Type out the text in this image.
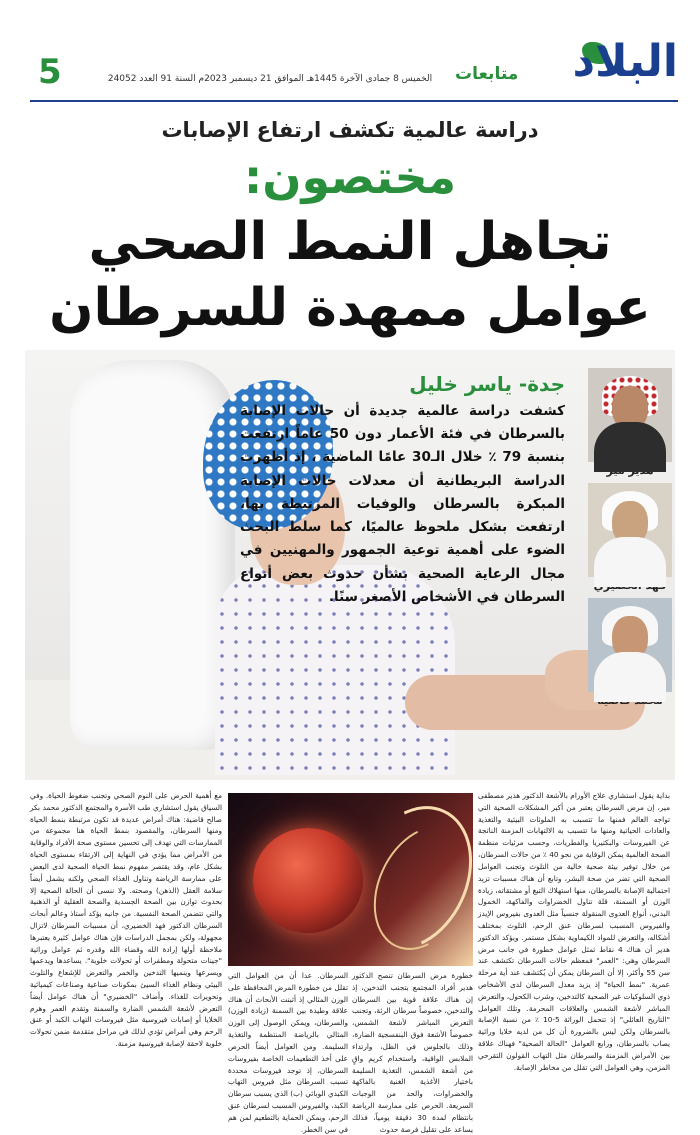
5	الخميس 8 جمادى الآخرة 1445هـ الموافق 21 ديسمبر 2023م السنة 91 العدد 24052	متابعات البلاد
دراسة عالمية تكشف ارتفاع الإصابات
مختصون:
تجاهل النمط الصحي
عوامل ممهدة للسرطان
جدة- ياسر خليل
كشفت دراسة عالمية جديدة أن حالات الإصابة بالسرطان في فئة الأعمار دون 50 عاماً ارتفعت بنسبة 79 ٪ خلال الـ30 عامًا الماضية ، إذ أظهرت الدراسة البريطانية أن معدلات حالات الإصابة المبكرة بالسرطان والوفيات المرتبطة بها، ارتفعت بشكل ملحوظ عالميًا، كما سلط البحث الضوء على أهمية توعية الجمهور والمهنيين في مجال الرعاية الصحية بشأن حدوث بعض أنواع السرطان في الأشخاص الأصغر سنًا.
بداية يقول استشاري علاج الأورام بالأشعة الدكتور هدير مصطفى مير، إن مرض السرطان يعتبر من أكبر المشكلات الصحية التي تواجه العالم فمنها ما تتسبب به الملوثات البيئية والتغذية والعادات الحياتية ومنها ما تتسبب به الالتهابات المزمنة الناتجة عن الفيروسات والبكتيريا والفطريات، وحسب مرئيات منظمة الصحة العالمية يمكن الوقاية من نحو 40 ٪ من حالات السرطان، من خلال توفير بيئة صحية خالية من التلوث وتجنب العوامل الصحية التي تضر من صحة البشر، وتابع أن هناك مسببات تزيد احتمالية الإصابة بالسرطان، منها استهلاك التبغ أو مشتقاته، زيادة الوزن أو السمنة، قلة تناول الخضراوات والفاكهة، الخمول البدني، أنواع العدوى المنقولة جنسياً مثل العدوى بفيروس الإيدز والفيروس المسبب لسرطان عنق الرحم، التلوث بمختلف أشكاله، والتعرض للمواد الكيماوية بشكل مستمر. ويؤكد الدكتور هدير أن هناك 4 نقاط تمثل عوامل خطورة في جانب مرض السرطان وهي: "العمر" فمعظم حالات السرطان تكتشف عند سن 55 وأكثر، إلا أن السرطان يمكن أن يُكتشف عند أية مرحلة عمرية. "نمط الحياة" إذ يزيد معدل السرطان لدى الأشخاص ذوي السلوكيات غير الصحية كالتدخين، وشرب الكحول، والتعرض المباشر لأشعة الشمس والعلاقات المحرمة. وتلك العوامل "التاريخ العائلي" إذ تتحمل الوراثة 5-10 ٪ من نسبة الإصابة بالسرطان ولكن ليس بالضرورة أن كل من لديه خلايا وراثية يصاب بالسرطان، ورابع العوامل "الحالة الصحية" فهناك علاقة بين الأمراض المزمنة والسرطان مثل التهاب القولون التقرحي المزمن، وهي العوامل التي تقلل من مخاطر الإصابة.
خطورة مرض السرطان تنصح الدكتور هدير أفراد المجتمع بتجنب التدخين، إذ إن هناك علاقة قوية بين السرطان والتدخين، خصوصاً سرطان الرئة، وتجنب التعرض المباشر لأشعة الشمس، خصوصاً الأشعة فوق البنفسجية الضارة، وذلك بالجلوس في الظل، وارتداء الملابس الواقية، واستخدام كريم واقٍ من أشعة الشمس، التغذية السليمة باختيار الأغذية الغنية بالفاكهة والخضراوات، والحد من الوجبات السريعة. الحرص على ممارسة الرياضة بانتظام لمدة 30 دقيقة يومياً، فذلك يساعد على تقليل فرصة حدوث
السرطان. عدا أن من العوامل التي تقلل من خطورة المرض المحافظة على الوزن المثالي إذ أثبتت الأبحاث أن هناك علاقة وطيدة بين السمنة (زيادة الوزن) والسرطان، ويمكن الوصول إلى الوزن المثالي بالرياضة المنتظمة والتغذية السليمة. ومن العوامل أيضاً الحرص على أخذ التطعيمات الخاصة بفيروسات السرطان، إذ توجد فيروسات محددة تسبب السرطان مثل فيروس التهاب الكبدي الوبائي (ب) الذي يسبب سرطان الكبد، والفيروس المسبب لسرطان عنق الرحم، ويمكن الحماية بالتطعيم لمن هم في سن الخطر.
مع أهمية الحرص على النوم الصحي وتجنب ضغوط الحياة. وفي السياق يقول استشاري طب الأسرة والمجتمع الدكتور محمد بكر صالح قاضية: هناك أمراض عديدة قد تكون مرتبطة بنمط الحياة ومنها السرطان، والمقصود بنمط الحياة هنا مجموعة من الممارسات التي تهدف إلى تحسين مستوى صحة الأفراد والوقاية من الأمراض مما يؤدي في النهاية إلى الارتقاء بمستوى الحياة بشكل عام، وقد يقتصر مفهوم نمط الحياة الصحية لدى البعض على ممارسة الرياضة وتناول الغذاء الصحي ولكنه يشمل أيضاً سلامة العقل (الذهن) وصحته. ولا ننسى أن الحالة الصحية إلا بحدوث توازن بين الصحة الجسدية والصحة العقلية أو الذهنية والتي تتضمن الصحة النفسية. من جانبه يؤكد أستاذ وعالم أبحاث السرطان الدكتور فهد الخضيري، أن مسببات السرطان لاتزال مجهولة، ولكن بمجمل الدراسات فإن هناك عوامل كثيرة يعتبرها ملاحظة أولها إرادة الله وقضاء الله وقدره ثم عوامل وراثية "جينات متحولة ومطفرات أو تحولات خلوية". يساعدها ويدعمها ويسرعها وينميها التدخين والخمر والتعرض للإشعاع والتلوث البيئي ونظام الغذاء السيئ بمكونات صناعية وصناعات كيميائية وتحويرات للغذاء. وأضاف "الخضيري" أن هناك عوامل أيضاً التعرض لأشعة الشمس الضارة والسمنة وتقدم العمر وهرم الخلايا أو إصابات فيروسية مثل فيروسات التهاب الكبد أو عنق الرحم وهي أمراض تؤدي لذلك في مراحل متقدمة ضمن تحولات خلوية لاحقة لإصابة فيروسية مزمنة.
